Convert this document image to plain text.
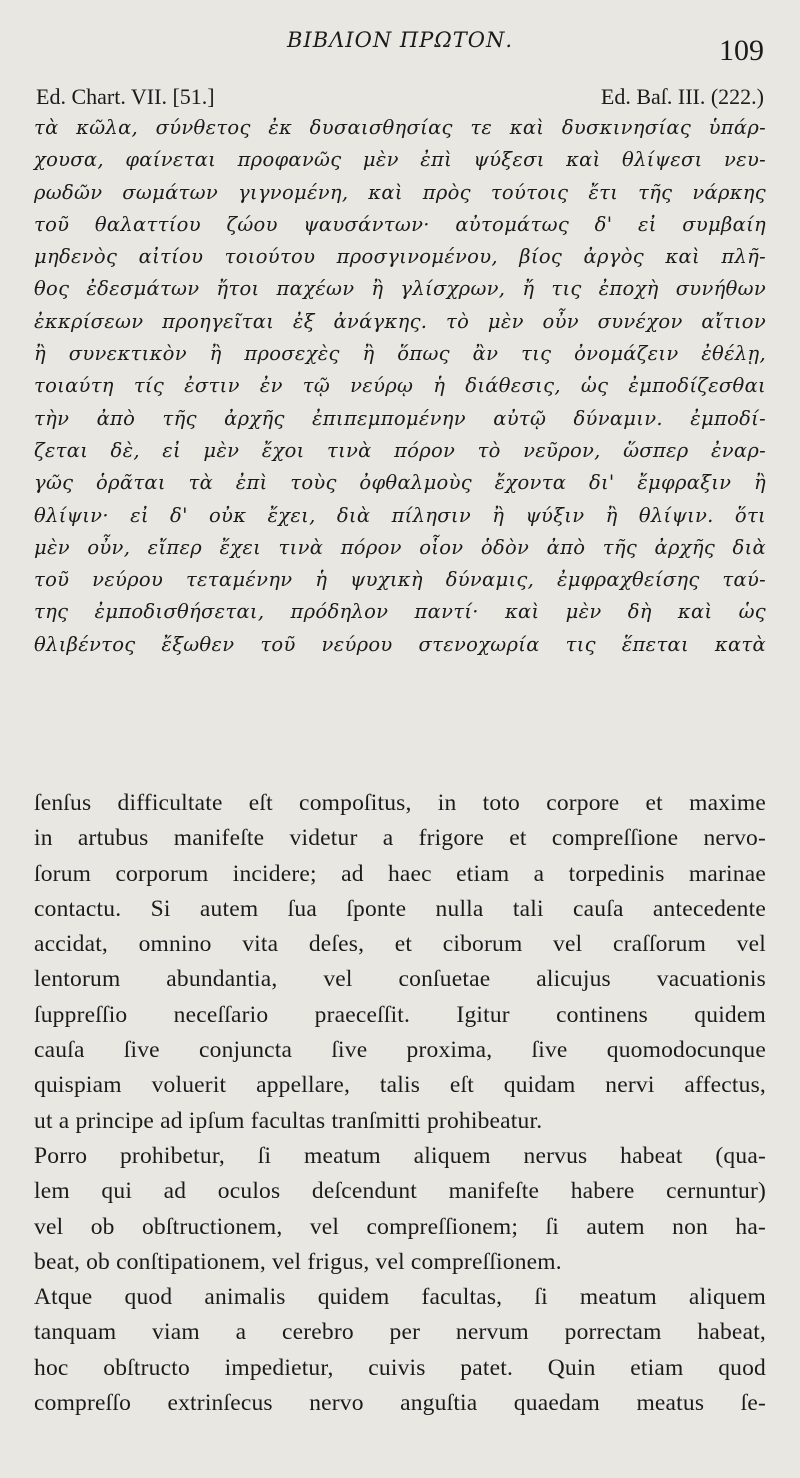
ΒΙΒΛΙΟΝ ΠΡΩΤΟΝ.	109
Ed. Chart. VII. [51.]	Ed. Baſ. III. (222.)
τὰ κῶλα, σύνθετος ἐκ δυσαισθησίας τε καὶ δυσκινησίας ὑπάρ-
χουσα, φαίνεται προφανῶς μὲν ἐπὶ ψύξεσι καὶ θλίψεσι νευ-
ρωδῶν σωμάτων γιγνομένη, καὶ πρὸς τούτοις ἔτι τῆς νάρκης
τοῦ θαλαττίου ζώου ψαυσάντων· αὐτομάτως δ' εἰ συμβαίη
μηδενὸς αἰτίου τοιούτου προσγινομένου, βίος ἀργὸς καὶ πλῆ-
θος ἐδεσμάτων ἤτοι παχέων ἢ γλίσχρων, ἤ τις ἐποχὴ συνήθων
ἐκκρίσεων προηγεῖται ἐξ ἀνάγκης. τὸ μὲν οὖν συνέχον αἴτιον
ἢ συνεκτικὸν ἢ προσεχὲς ἢ ὅπως ἂν τις ὀνομάζειν ἐθέλῃ,
τοιαύτη τίς ἐστιν ἐν τῷ νεύρῳ ἡ διάθεσις, ὡς ἐμποδίζεσθαι
τὴν ἀπὸ τῆς ἀρχῆς ἐπιπεμπομένην αὐτῷ δύναμιν. ἐμποδί-
ζεται δὲ, εἰ μὲν ἔχοι τινὰ πόρον τὸ νεῦρον, ὥσπερ ἐναρ-
γῶς ὁρᾶται τὰ ἐπὶ τοὺς ὀφθαλμοὺς ἔχοντα δι' ἔμφραξιν ἢ
θλίψιν· εἰ δ' οὐκ ἔχει, διὰ πίλησιν ἢ ψύξιν ἢ θλίψιν. ὅτι
μὲν οὖν, εἴπερ ἔχει τινὰ πόρον οἷον ὁδὸν ἀπὸ τῆς ἀρχῆς διὰ
τοῦ νεύρου τεταμένην ἡ ψυχικὴ δύναμις, ἐμφραχθείσης ταύ-
της ἐμποδισθήσεται, πρόδηλον παντί· καὶ μὲν δὴ καὶ ὡς
θλιβέντος ἔξωθεν τοῦ νεύρου στενοχωρία τις ἕπεται κατὰ
ſenſus difficultate eſt compoſitus, in toto corpore et maxime
in artubus manifeſte videtur a frigore et compreſſione nervo-
ſorum corporum incidere; ad haec etiam a torpedinis marinae
contactu. Si autem ſua ſponte nulla tali cauſa antecedente
accidat, omnino vita deſes, et ciborum vel craſſorum vel
lentorum abundantia, vel conſuetae alicujus vacuationis
ſuppreſſio neceſſario praeceſſit. Igitur continens quidem
cauſa ſive conjuncta ſive proxima, ſive quomodocunque
quispiam voluerit appellare, talis eſt quidam nervi affectus,
ut a principe ad ipſum facultas tranſmitti prohibeatur.
Porro prohibetur, ſi meatum aliquem nervus habeat (qua-
lem qui ad oculos deſcendunt manifeſte habere cernuntur)
vel ob obſtructionem, vel compreſſionem; ſi autem non ha-
beat, ob conſtipationem, vel frigus, vel compreſſionem.
Atque quod animalis quidem facultas, ſi meatum aliquem
tanquam viam a cerebro per nervum porrectam habeat,
hoc obſtructo impedietur, cuivis patet. Quin etiam quod
compreſſo extrinſecus nervo anguſtia quaedam meatus ſe-
